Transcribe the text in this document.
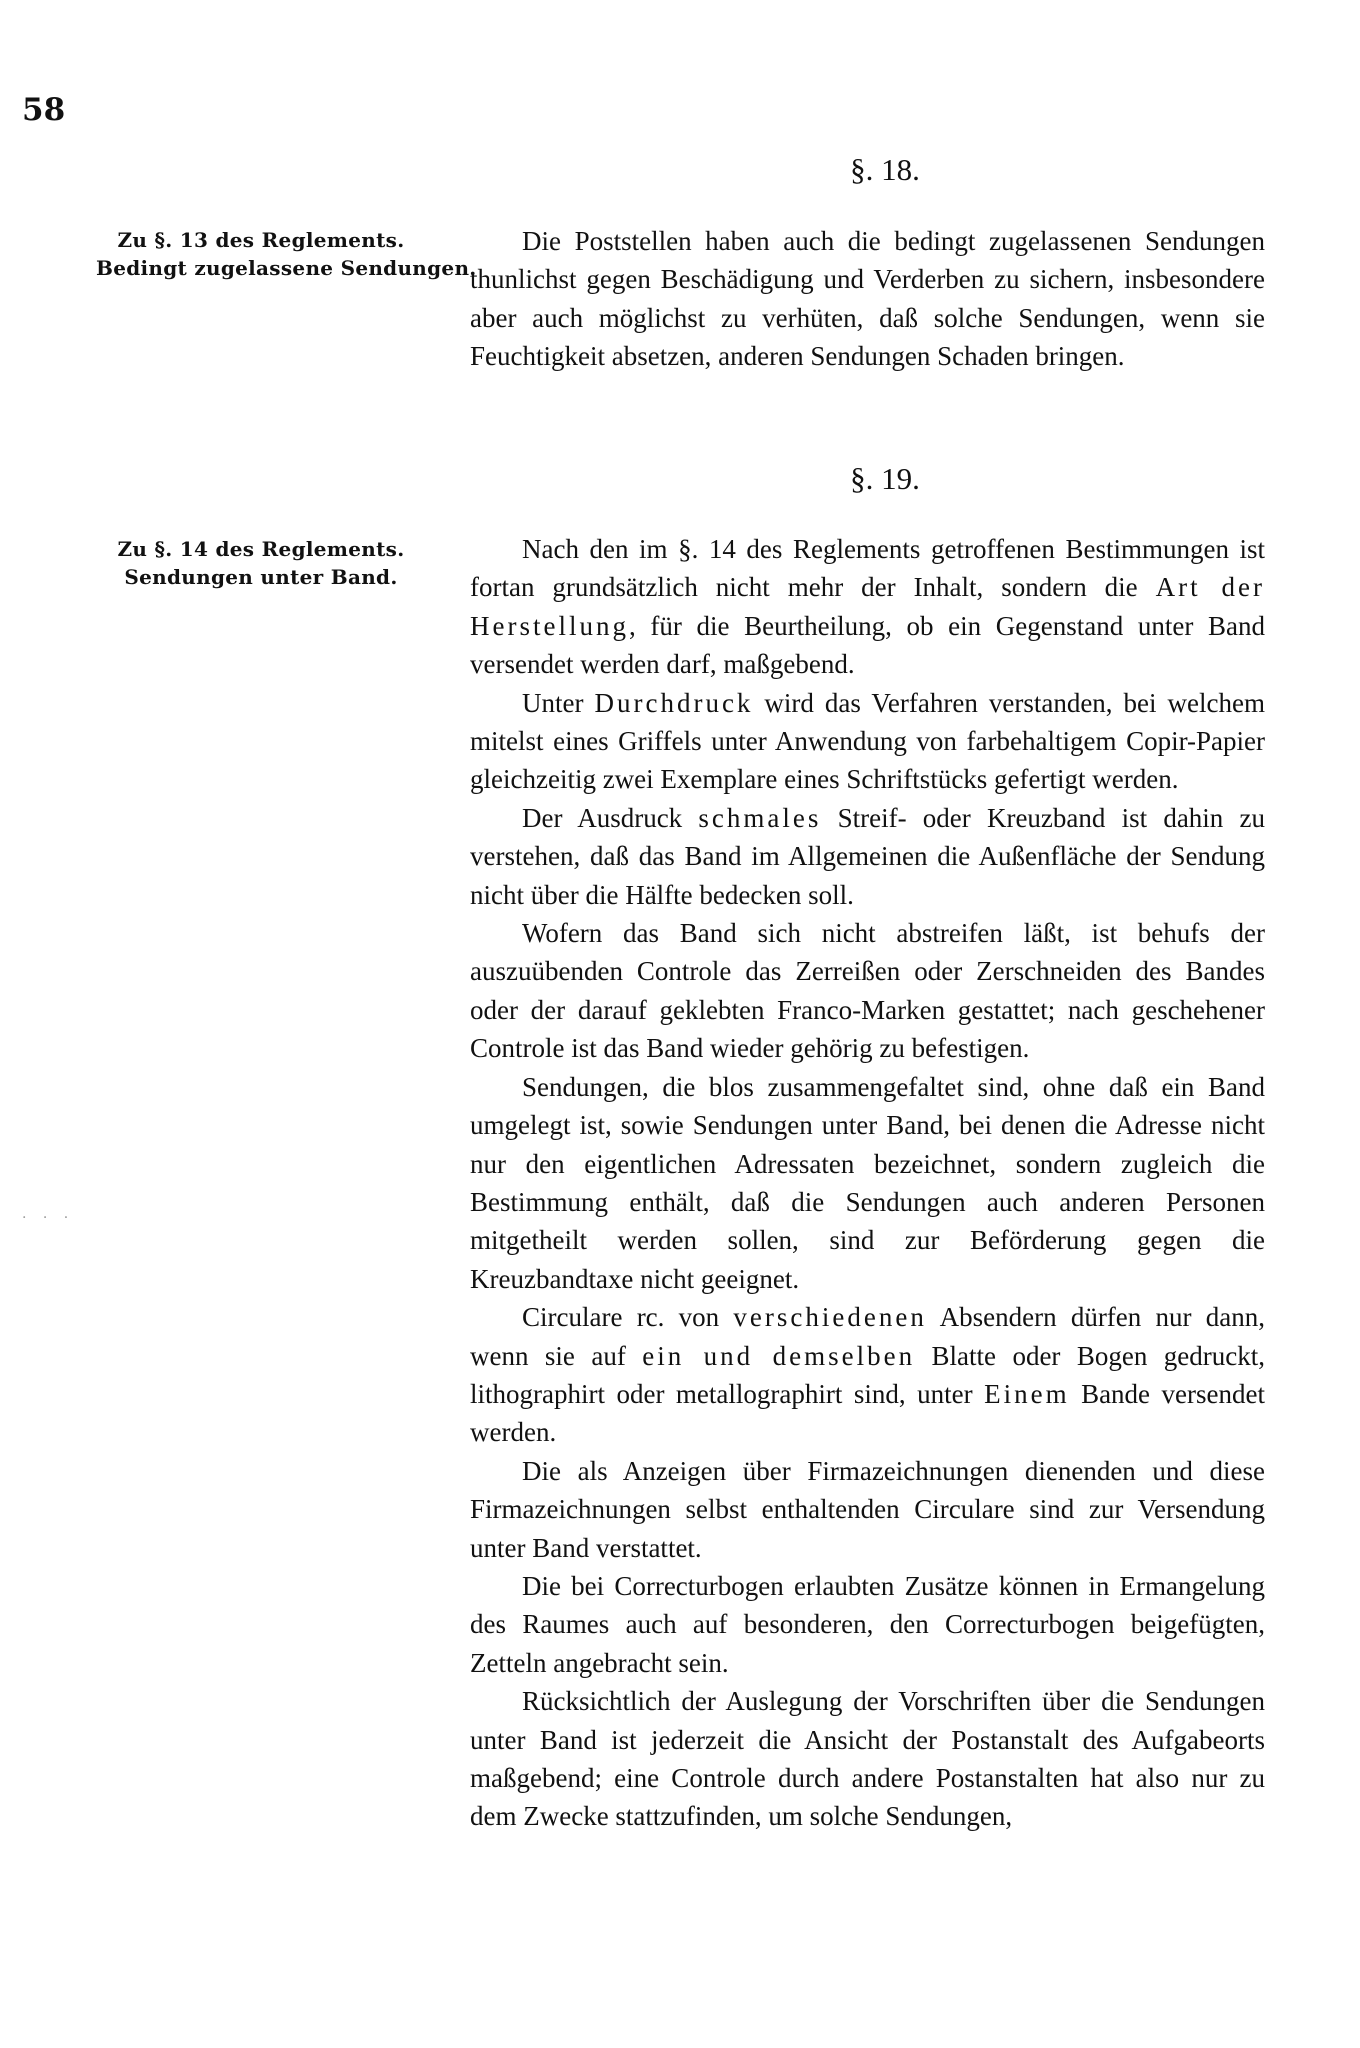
58
§. 18.
Zu §. 13 des Reglements.
Bedingt zugelassene Sendungen.

Die Poststellen haben auch die bedingt zugelassenen Sendungen thunlichst gegen Beschädigung und Verderben zu sichern, insbesondere aber auch möglichst zu verhüten, daß solche Sendungen, wenn sie Feuchtigkeit absetzen, anderen Sendungen Schaden bringen.

§. 19.
Zu §. 14 des Reglements.
Sendungen unter Band.

Nach den im §. 14 des Reglements getroffenen Bestimmungen ist fortan grundsätzlich nicht mehr der Inhalt, sondern die Art der Herstellung, für die Beurtheilung, ob ein Gegenstand unter Band versendet werden darf, maßgebend.

Unter Durchdruck wird das Verfahren verstanden, bei welchem mitelst eines Griffels unter Anwendung von farbehaltigem Copir-Papier gleichzeitig zwei Exemplare eines Schriftstücks gefertigt werden.

Der Ausdruck schmales Streif- oder Kreuzband ist dahin zu verstehen, daß das Band im Allgemeinen die Außenfläche der Sendung nicht über die Hälfte bedecken soll.

Wofern das Band sich nicht abstreifen läßt, ist behufs der auszuübenden Controle das Zerreißen oder Zerschneiden des Bandes oder der darauf geklebten Franco-Marken gestattet; nach geschehener Controle ist das Band wieder gehörig zu befestigen.

Sendungen, die blos zusammengefaltet sind, ohne daß ein Band umgelegt ist, sowie Sendungen unter Band, bei denen die Adresse nicht nur den eigentlichen Adressaten bezeichnet, sondern zugleich die Bestimmung enthält, daß die Sendungen auch anderen Personen mitgetheilt werden sollen, sind zur Beförderung gegen die Kreuzbandtaxe nicht geeignet.

Circulare rc. von verschiedenen Absendern dürfen nur dann, wenn sie auf ein und demselben Blatte oder Bogen gedruckt, lithographirt oder metallographirt sind, unter Einem Bande versendet werden.

Die als Anzeigen über Firmazeichnungen dienenden und diese Firmazeichnungen selbst enthaltenden Circulare sind zur Versendung unter Band verstattet.

Die bei Correcturbogen erlaubten Zusätze können in Ermangelung des Raumes auch auf besonderen, den Correcturbogen beigefügten, Zetteln angebracht sein.

Rücksichtlich der Auslegung der Vorschriften über die Sendungen unter Band ist jederzeit die Ansicht der Postanstalt des Aufgabeorts maßgebend; eine Controle durch andere Postanstalten hat also nur zu dem Zwecke stattzufinden, um solche Sendungen,

· · ·
